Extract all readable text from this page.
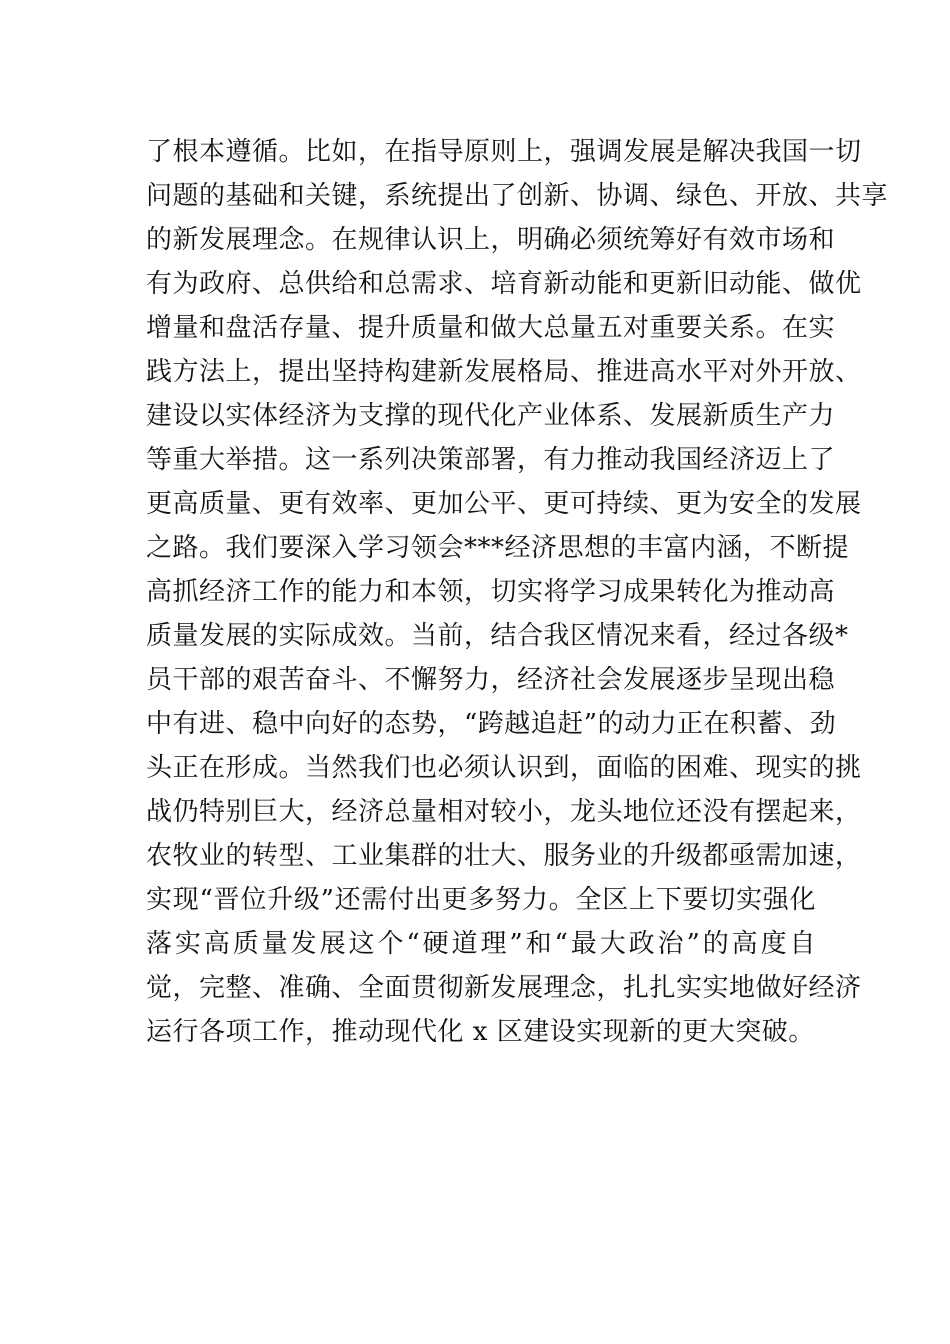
了根本遵循。比如，在指导原则上，强调发展是解决我国一切
问题的基础和关键，系统提出了创新、协调、绿色、开放、共享
的新发展理念。在规律认识上，明确必须统筹好有效市场和
有为政府、总供给和总需求、培育新动能和更新旧动能、做优
增量和盘活存量、提升质量和做大总量五对重要关系。在实
践方法上，提出坚持构建新发展格局、推进高水平对外开放、
建设以实体经济为支撑的现代化产业体系、发展新质生产力
等重大举措。这一系列决策部署，有力推动我国经济迈上了
更高质量、更有效率、更加公平、更可持续、更为安全的发展
之路。我们要深入学习领会***经济思想的丰富内涵，不断提
高抓经济工作的能力和本领，切实将学习成果转化为推动高
质量发展的实际成效。当前，结合我区情况来看，经过各级*
员干部的艰苦奋斗、不懈努力，经济社会发展逐步呈现出稳
中有进、稳中向好的态势，“跨越追赶”的动力正在积蓄、劲
头正在形成。当然我们也必须认识到，面临的困难、现实的挑
战仍特别巨大，经济总量相对较小，龙头地位还没有摆起来，
农牧业的转型、工业集群的壮大、服务业的升级都亟需加速，
实现“晋位升级”还需付出更多努力。全区上下要切实强化
落实高质量发展这个“硬道理”和“最大政治”的高度自
觉，完整、准确、全面贯彻新发展理念，扎扎实实地做好经济
运行各项工作，推动现代化 x 区建设实现新的更大突破。
